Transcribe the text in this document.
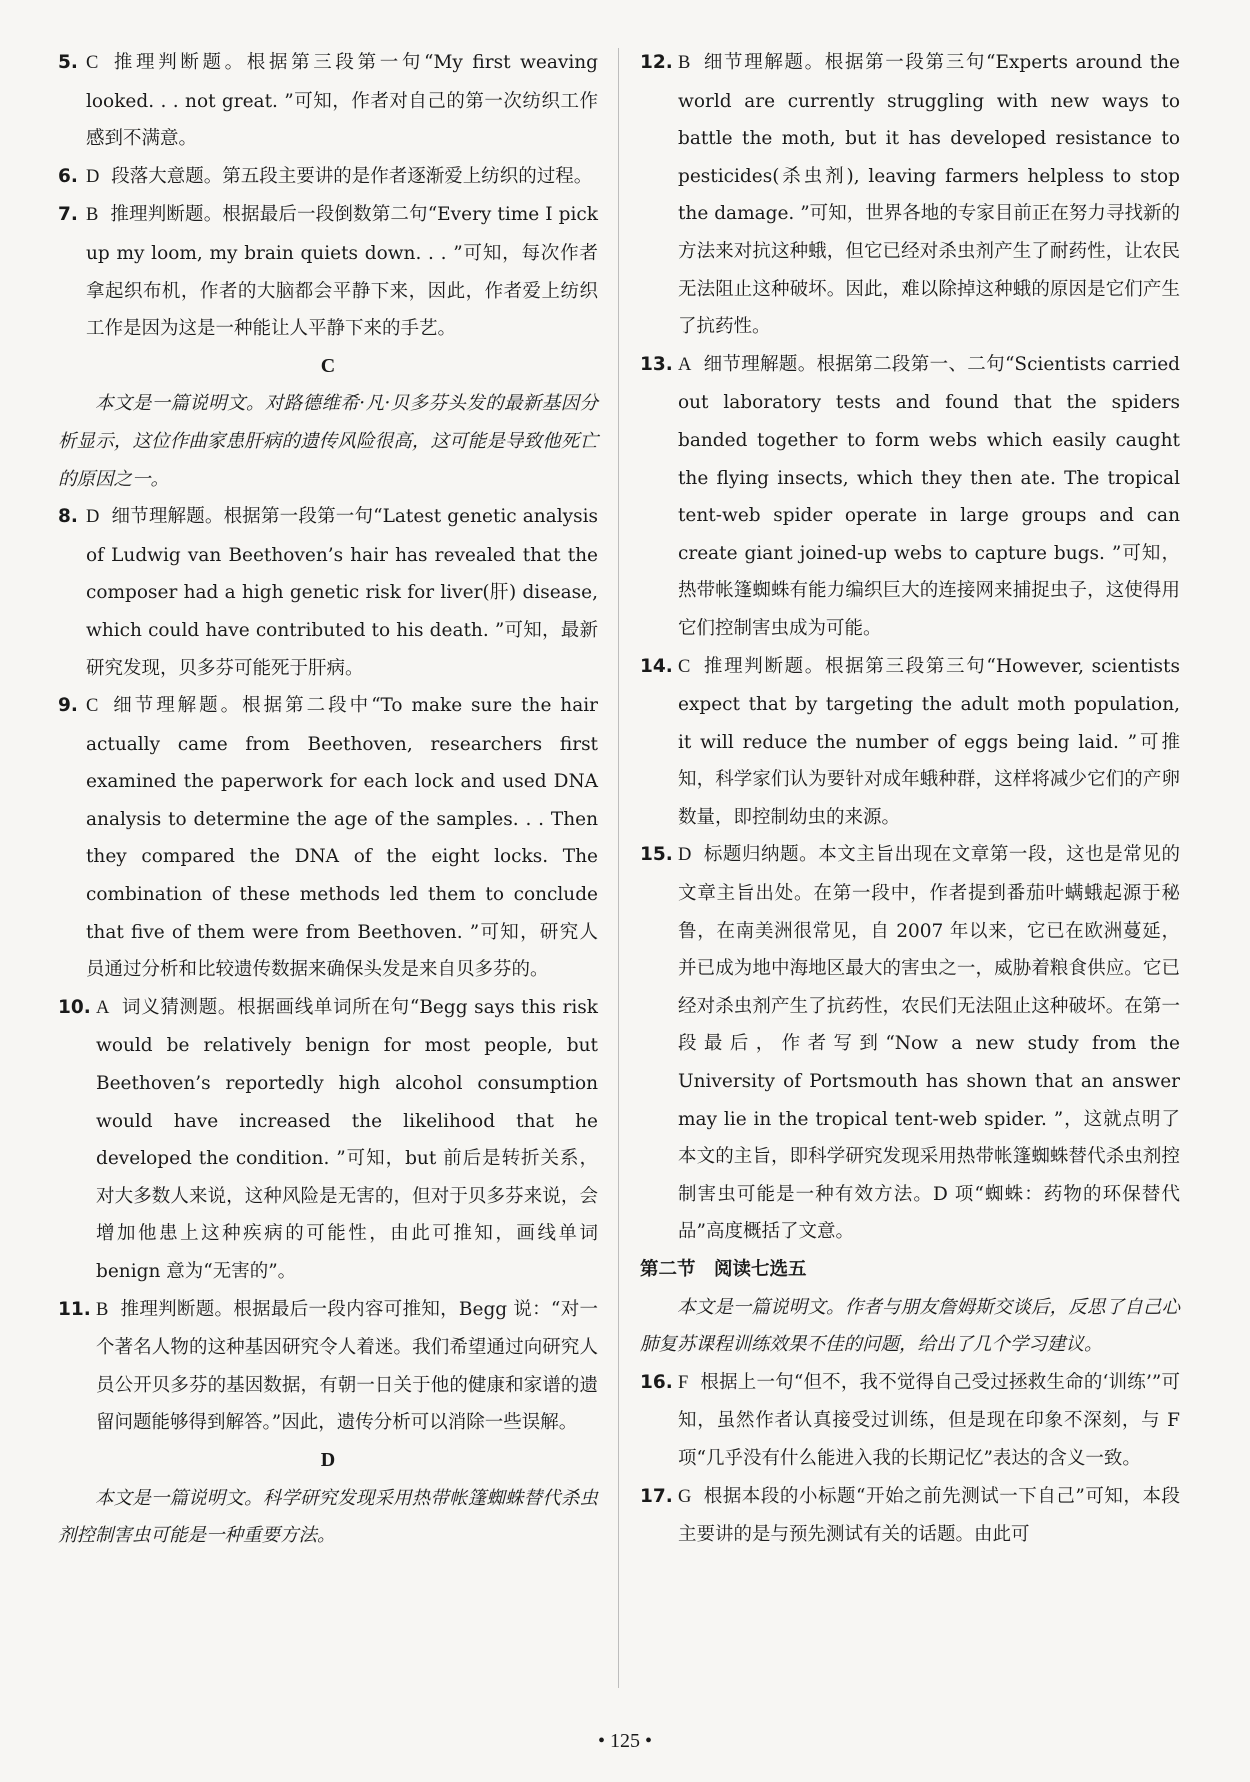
5. C 推理判断题。根据第三段第一句“My first weaving looked. . . not great. ”可知，作者对自己的第一次纺织工作感到不满意。

6. D 段落大意题。第五段主要讲的是作者逐渐爱上纺织的过程。

7. B 推理判断题。根据最后一段倒数第二句“Every time I pick up my loom, my brain quiets down. . . ”可知，每次作者拿起织布机，作者的大脑都会平静下来，因此，作者爱上纺织工作是因为这是一种能让人平静下来的手艺。

C

本文是一篇说明文。对路德维希·凡·贝多芬头发的最新基因分析显示，这位作曲家患肝病的遗传风险很高，这可能是导致他死亡的原因之一。

8. D 细节理解题。根据第一段第一句“Latest genetic analysis of Ludwig van Beethoven’s hair has revealed that the composer had a high genetic risk for liver(肝) disease, which could have contributed to his death. ”可知，最新研究发现，贝多芬可能死于肝病。

9. C 细节理解题。根据第二段中“To make sure the hair actually came from Beethoven, researchers first examined the paperwork for each lock and used DNA analysis to determine the age of the samples. . . Then they compared the DNA of the eight locks. The combination of these methods led them to conclude that five of them were from Beethoven. ”可知，研究人员通过分析和比较遗传数据来确保头发是来自贝多芬的。

10. A 词义猜测题。根据画线单词所在句“Begg says this risk would be relatively benign for most people, but Beethoven’s reportedly high alcohol consumption would have increased the likelihood that he developed the condition. ”可知，but 前后是转折关系，对大多数人来说，这种风险是无害的，但对于贝多芬来说，会增加他患上这种疾病的可能性，由此可推知，画线单词 benign 意为“无害的”。

11. B 推理判断题。根据最后一段内容可推知，Begg 说：“对一个著名人物的这种基因研究令人着迷。我们希望通过向研究人员公开贝多芬的基因数据，有朝一日关于他的健康和家谱的遗留问题能够得到解答。”因此，遗传分析可以消除一些误解。

D

本文是一篇说明文。科学研究发现采用热带帐篷蜘蛛替代杀虫剂控制害虫可能是一种重要方法。

12. B 细节理解题。根据第一段第三句“Experts around the world are currently struggling with new ways to battle the moth, but it has developed resistance to pesticides(杀虫剂), leaving farmers helpless to stop the damage. ”可知，世界各地的专家目前正在努力寻找新的方法来对抗这种蛾，但它已经对杀虫剂产生了耐药性，让农民无法阻止这种破坏。因此，难以除掉这种蛾的原因是它们产生了抗药性。

13. A 细节理解题。根据第二段第一、二句“Scientists carried out laboratory tests and found that the spiders banded together to form webs which easily caught the flying insects, which they then ate. The tropical tent-web spider operate in large groups and can create giant joined-up webs to capture bugs. ”可知，热带帐篷蜘蛛有能力编织巨大的连接网来捕捉虫子，这使得用它们控制害虫成为可能。

14. C 推理判断题。根据第三段第三句“However, scientists expect that by targeting the adult moth population, it will reduce the number of eggs being laid. ”可推知，科学家们认为要针对成年蛾种群，这样将减少它们的产卵数量，即控制幼虫的来源。

15. D 标题归纳题。本文主旨出现在文章第一段，这也是常见的文章主旨出处。在第一段中，作者提到番茄叶螨蛾起源于秘鲁，在南美洲很常见，自 2007 年以来，它已在欧洲蔓延，并已成为地中海地区最大的害虫之一，威胁着粮食供应。它已经对杀虫剂产生了抗药性，农民们无法阻止这种破坏。在第一段最后，作者写到“Now a new study from the University of Portsmouth has shown that an answer may lie in the tropical tent-web spider. ”，这就点明了本文的主旨，即科学研究发现采用热带帐篷蜘蛛替代杀虫剂控制害虫可能是一种有效方法。D 项“蜘蛛：药物的环保替代品”高度概括了文意。

第二节　阅读七选五

本文是一篇说明文。作者与朋友詹姆斯交谈后，反思了自己心肺复苏课程训练效果不佳的问题，给出了几个学习建议。

16. F 根据上一句“但不，我不觉得自己受过拯救生命的‘训练’”可知，虽然作者认真接受过训练，但是现在印象不深刻，与 F 项“几乎没有什么能进入我的长期记忆”表达的含义一致。

17. G 根据本段的小标题“开始之前先测试一下自己”可知，本段主要讲的是与预先测试有关的话题。由此可

• 125 •
